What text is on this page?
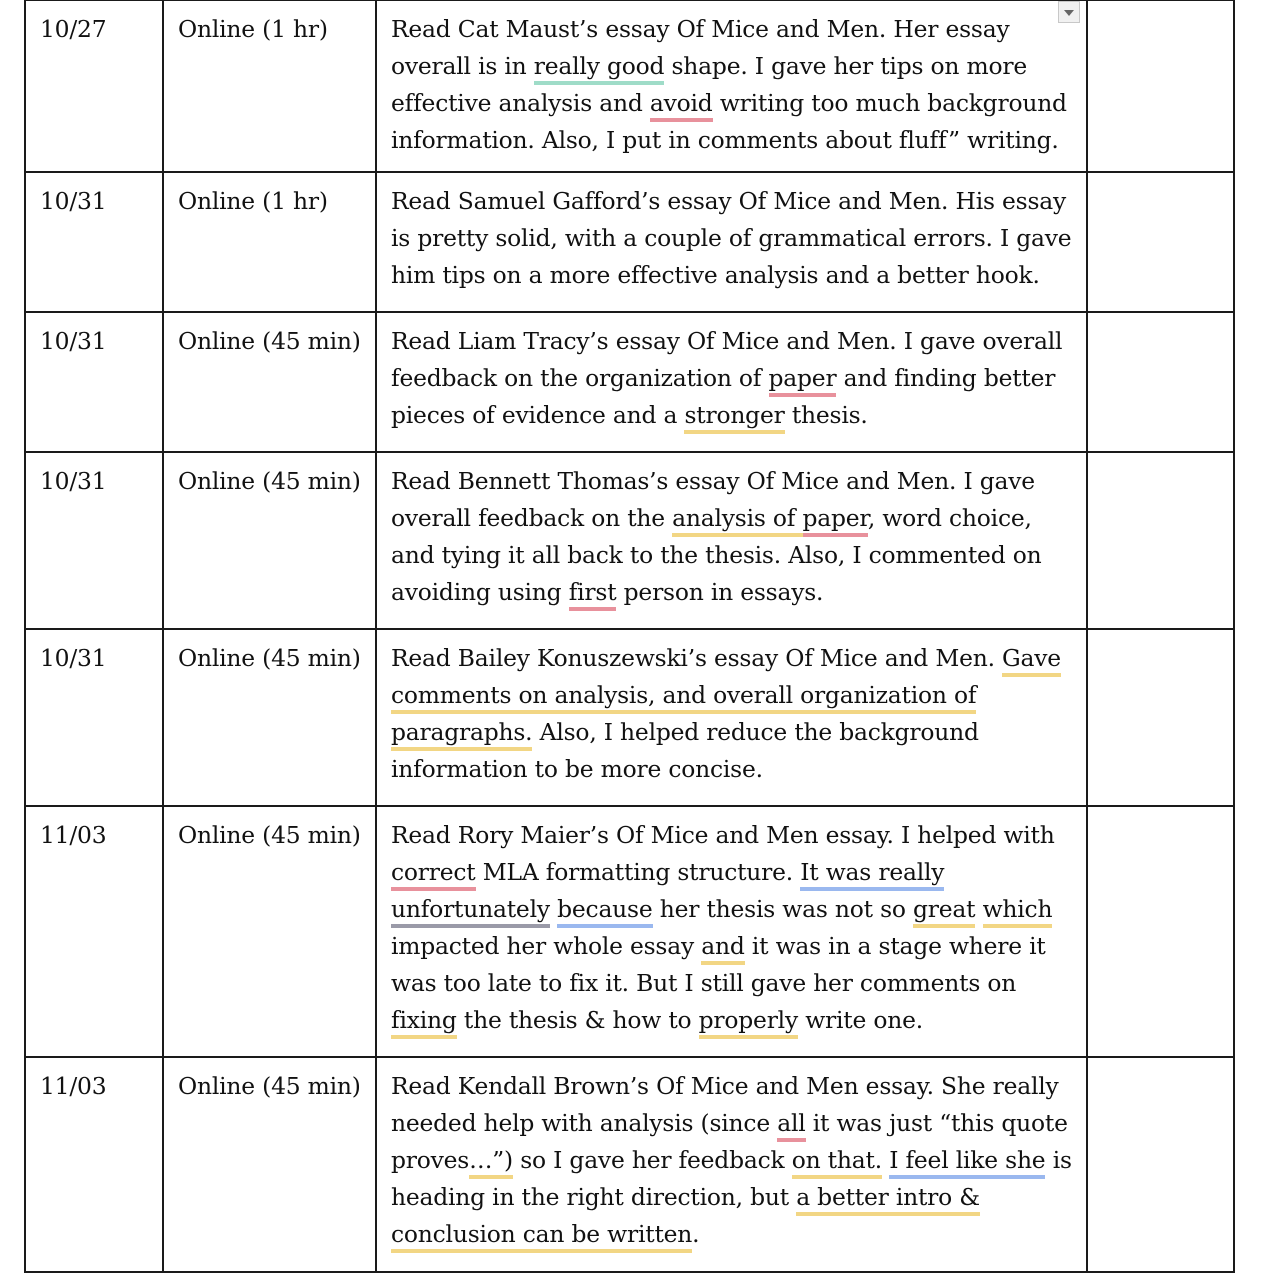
10/27	Online (1 hr)	Read Cat Maust’s essay Of Mice and Men. Her essay overall is in really good shape. I gave her tips on more effective analysis and avoid writing too much background information. Also, I put in comments about fluff” writing.	

10/31	Online (1 hr)	Read Samuel Gafford’s essay Of Mice and Men. His essay is pretty solid, with a couple of grammatical errors. I gave him tips on a more effective analysis and a better hook.	
10/31	Online (45 min)	Read Liam Tracy’s essay Of Mice and Men. I gave overall feedback on the organization of paper and finding better pieces of evidence and a stronger thesis.	
10/31	Online (45 min)	Read Bennett Thomas’s essay Of Mice and Men. I gave overall feedback on the analysis of paper, word choice, and tying it all back to the thesis. Also, I commented on avoiding using first person in essays.	
10/31	Online (45 min)	Read Bailey Konuszewski’s essay Of Mice and Men. Gave comments on analysis, and overall organization of paragraphs. Also, I helped reduce the background information to be more concise.	
11/03	Online (45 min)	Read Rory Maier’s Of Mice and Men essay. I helped with correct MLA formatting structure. It was really unfortunately because her thesis was not so great which impacted her whole essay and it was in a stage where it was too late to fix it. But I still gave her comments on fixing the thesis & how to properly write one.	
11/03	Online (45 min)	Read Kendall Brown’s Of Mice and Men essay. She really needed help with analysis (since all it was just “this quote proves…”) so I gave her feedback on that. I feel like she is heading in the right direction, but a better intro & conclusion can be written.	
